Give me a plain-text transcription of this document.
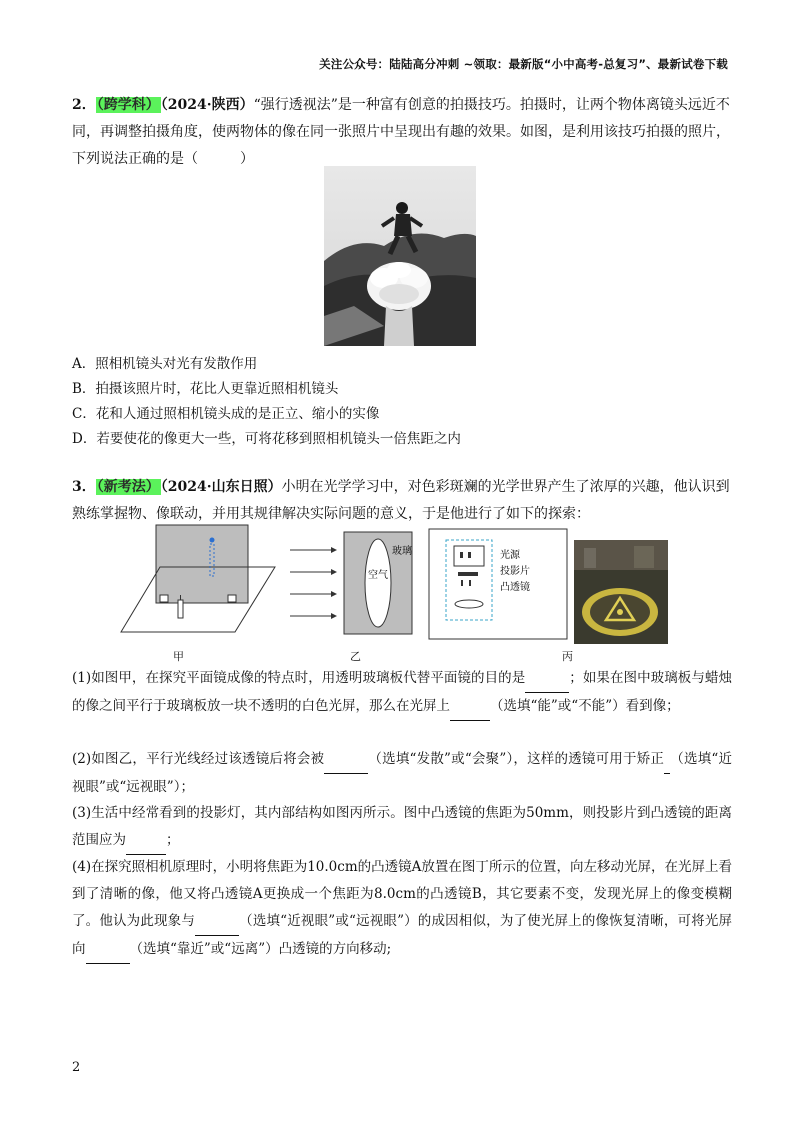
关注公众号：陆陆高分冲刺 ~领取：最新版“小中高考-总复习”、最新试卷下载
2．（跨学科）（2024·陕西）“强行透视法”是一种富有创意的拍摄技巧。拍摄时，让两个物体离镜头远近不同，再调整拍摄角度，使两物体的像在同一张照片中呈现出有趣的效果。如图，是利用该技巧拍摄的照片，下列说法正确的是（　　　）
A．照相机镜头对光有发散作用
B．拍摄该照片时，花比人更靠近照相机镜头
C．花和人通过照相机镜头成的是正立、缩小的实像
D．若要使花的像更大一些，可将花移到照相机镜头一倍焦距之内
3．（新考法）（2024·山东日照）小明在光学学习中，对色彩斑斓的光学世界产生了浓厚的兴趣，他认识到熟练掌握物、像联动，并用其规律解决实际问题的意义，于是他进行了如下的探索：
甲
空气
玻璃
乙
光源
投影片
凸透镜
丙
(1)如图甲，在探究平面镜成像的特点时，用透明玻璃板代替平面镜的目的是	；如果在图中玻璃板与蜡烛的像之间平行于玻璃板放一块不透明的白色光屏，那么在光屏上	（选填“能”或“不能”）看到像；
(2)如图乙，平行光线经过该透镜后将会被	（选填“发散”或“会聚”），这样的透镜可用于矫正 （选填“近视眼”或“远视眼”）；
(3)生活中经常看到的投影灯，其内部结构如图丙所示。图中凸透镜的焦距为50mm，则投影片到凸透镜的距离范围应为	；
(4)在探究照相机原理时，小明将焦距为10.0cm的凸透镜A放置在图丁所示的位置，向左移动光屏，在光屏上看到了清晰的像，他又将凸透镜A更换成一个焦距为8.0cm的凸透镜B，其它要素不变，发现光屏上的像变模糊了。他认为此现象与	（选填“近视眼”或“远视眼”）的成因相似，为了使光屏上的像恢复清晰，可将光屏向	（选填“靠近”或“远离”）凸透镜的方向移动;
2
